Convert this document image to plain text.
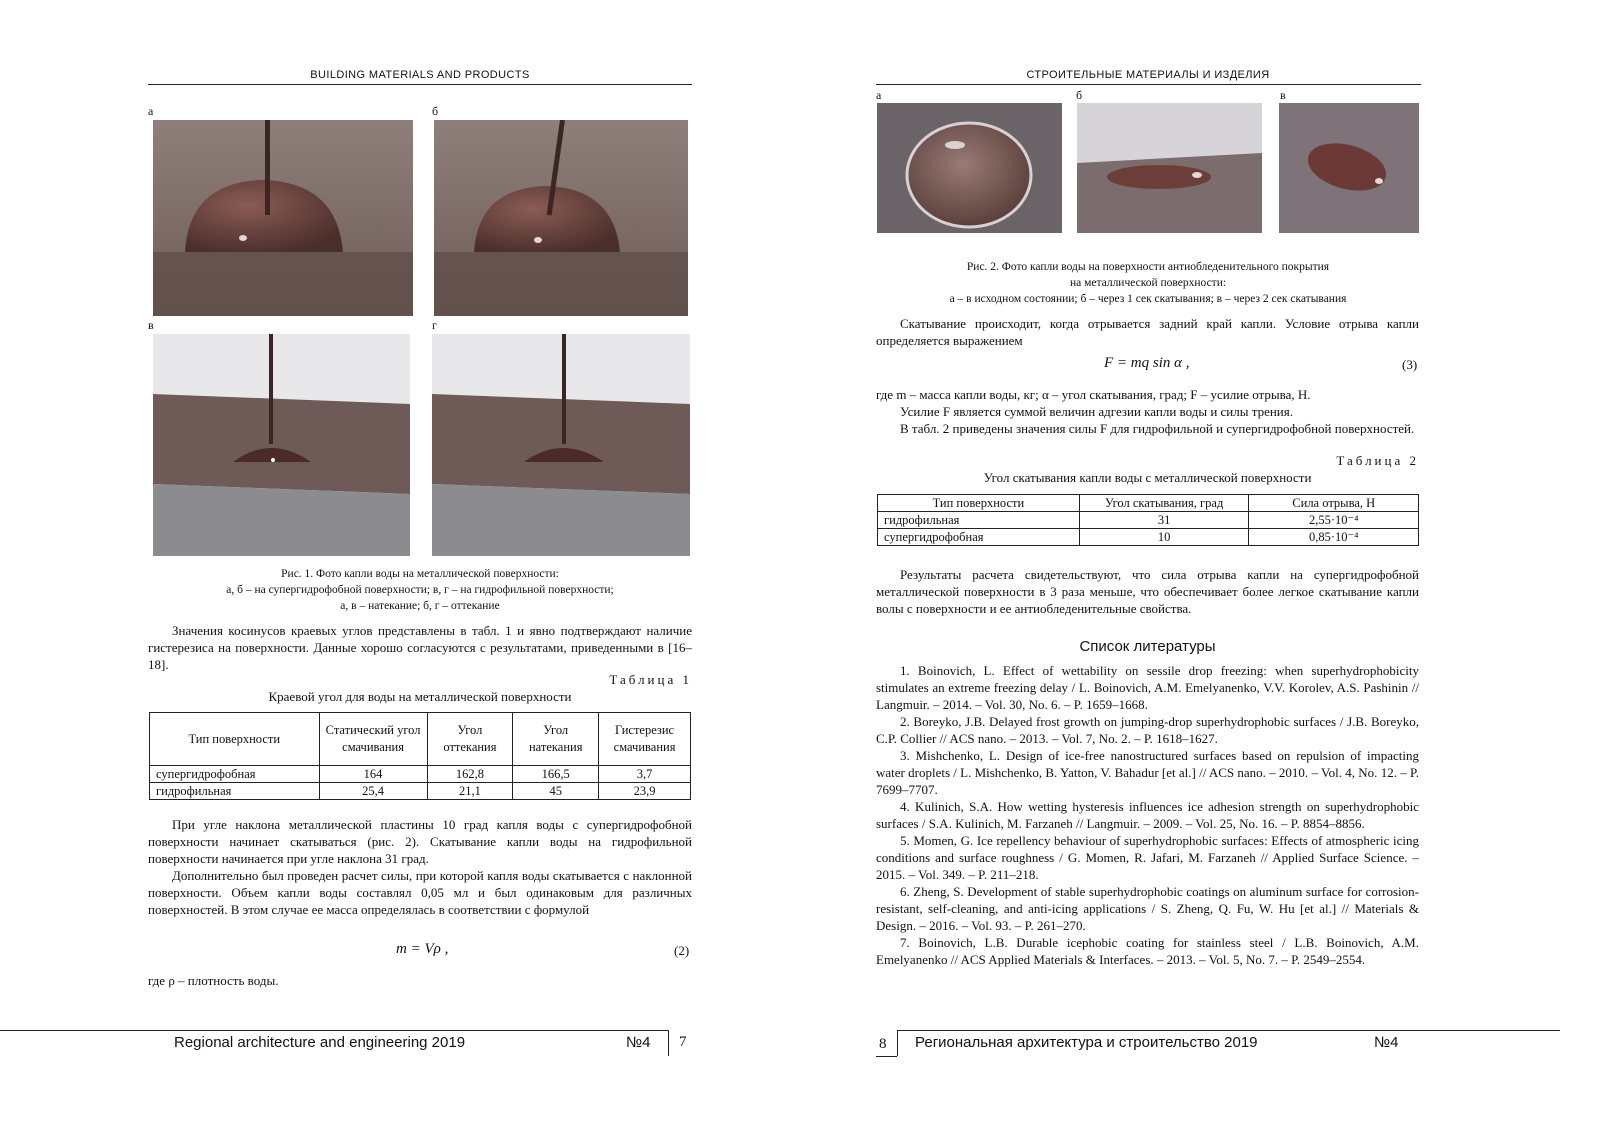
BUILDING MATERIALS AND PRODUCTS
а	б
в	г
Рис. 1. Фото капли воды на металлической поверхности:
а, б – на супергидрофобной поверхности; в, г – на гидрофильной поверхности;
а, в – натекание; б, г – оттекание

Значения косинусов краевых углов представлены в табл. 1 и явно подтверждают наличие гистерезиса на поверхности. Данные хорошо согласуются с результатами, приведенными в [16–18].

Таблица 1
Краевой угол для воды на металлической поверхности
Тип поверхности	Статический угол смачивания	Угол оттекания	Угол натекания	Гистерезис смачивания
супергидрофобная	164	162,8	166,5	3,7
гидрофильная	25,4	21,1	45	23,9

При угле наклона металлической пластины 10 град капля воды с супергидрофобной поверхности начинает скатываться (рис. 2). Скатывание капли воды на гидрофильной поверхности начинается при угле наклона 31 град.

Дополнительно был проведен расчет силы, при которой капля воды скатывается с наклонной поверхности. Объем капли воды составлял 0,05 мл и был одинаковым для различных поверхностей. В этом случае ее масса определялась в соответствии с формулой

m = Vρ ,	(2)
где ρ – плотность воды.
Regional architecture and engineering 2019	№4 7
СТРОИТЕЛЬНЫЕ МАТЕРИАЛЫ И ИЗДЕЛИЯ
а	б	в
Рис. 2. Фото капли воды на поверхности антиобледенительного покрытия
на металлической поверхности:
а – в исходном состоянии; б – через 1 сек скатывания; в – через 2 сек скатывания

Скатывание происходит, когда отрывается задний край капли. Условие отрыва капли определяется выражением

F = mq sin α ,	(3)
где m – масса капли воды, кг; α – угол скатывания, град; F – усилие отрыва, Н.

Усилие F является суммой величин адгезии капли воды и силы трения.

В табл. 2 приведены значения силы F для гидрофильной и супергидрофобной поверхностей.

Таблица 2
Угол скатывания капли воды с металлической поверхности
Тип поверхности	Угол скатывания, град	Сила отрыва, Н
гидрофильная	31	2,55·10⁻⁴
супергидрофобная	10	0,85·10⁻⁴

Результаты расчета свидетельствуют, что сила отрыва капли на супергидрофобной металлической поверхности в 3 раза меньше, что обеспечивает более легкое скатывание капли волы с поверхности и ее антиобледенительные свойства.

Список литературы
1. Boinovich, L. Effect of wettability on sessile drop freezing: when superhydrophobicity stimulates an extreme freezing delay / L. Boinovich, A.M. Emelyanenko, V.V. Korolev, A.S. Pashinin // Langmuir. – 2014. – Vol. 30, No. 6. – P. 1659–1668.
2. Boreyko, J.B. Delayed frost growth on jumping-drop superhydrophobic surfaces / J.B. Boreyko, C.P. Collier // ACS nano. – 2013. – Vol. 7, No. 2. – P. 1618–1627.
3. Mishchenko, L. Design of ice-free nanostructured surfaces based on repulsion of impacting water droplets / L. Mishchenko, B. Yatton, V. Bahadur [et al.] // ACS nano. – 2010. – Vol. 4, No. 12. – P. 7699–7707.
4. Kulinich, S.A. How wetting hysteresis influences ice adhesion strength on superhydrophobic surfaces / S.A. Kulinich, M. Farzaneh // Langmuir. – 2009. – Vol. 25, No. 16. – P. 8854–8856.
5. Momen, G. Ice repellency behaviour of superhydrophobic surfaces: Effects of atmospheric icing conditions and surface roughness / G. Momen, R. Jafari, M. Farzaneh // Applied Surface Science. – 2015. – Vol. 349. – P. 211–218.
6. Zheng, S. Development of stable superhydrophobic coatings on aluminum surface for corrosion-resistant, self-cleaning, and anti-icing applications / S. Zheng, Q. Fu, W. Hu [et al.] // Materials & Design. – 2016. – Vol. 93. – P. 261–270.
7. Boinovich, L.B. Durable icephobic coating for stainless steel / L.B. Boinovich, A.M. Emelyanenko // ACS Applied Materials & Interfaces. – 2013. – Vol. 5, No. 7. – P. 2549–2554.
8 Региональная архитектура и строительство 2019	№4
